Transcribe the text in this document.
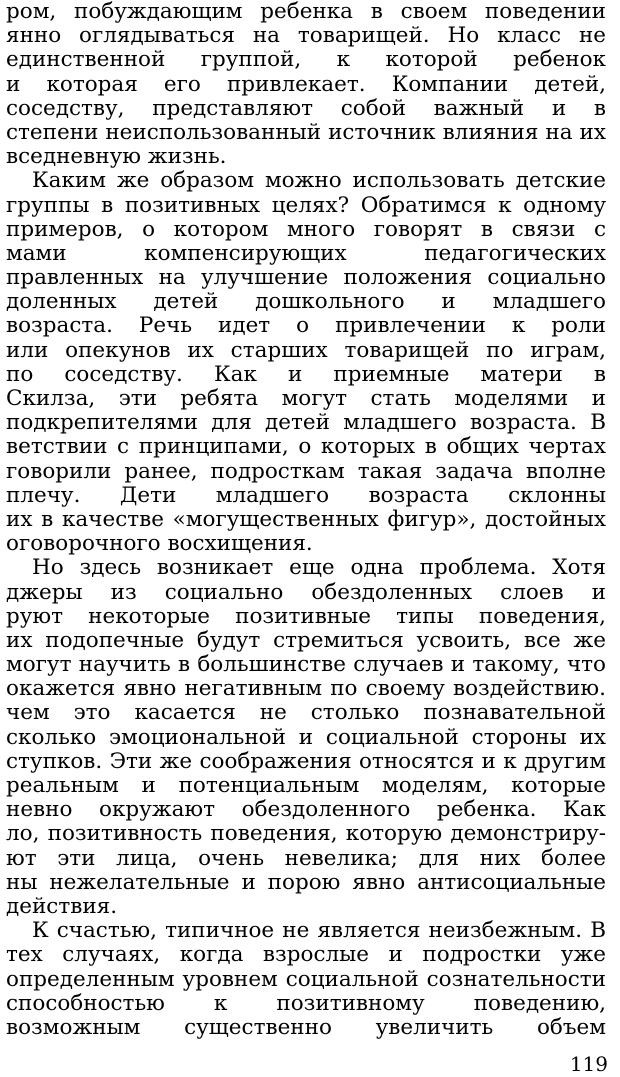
ром, побуждающим ребенка в своем поведении
янно оглядываться на товарищей. Но класс не
единственной группой, к которой ребенок
и которая его привлекает. Компании детей,
соседству, представляют собой важный и в
степени неиспользованный источник влияния на их
вседневную жизнь.
Каким же образом можно использовать детские
группы в позитивных целях? Обратимся к одному
примеров, о котором много говорят в связи с
мами компенсирующих педагогических
правленных на улучшение положения социально
доленных детей дошкольного и младшего
возраста. Речь идет о привлечении к роли
или опекунов их старших товарищей по играм,
по соседству. Как и приемные матери в
Скилза, эти ребята могут стать моделями и
подкрепителями для детей младшего возраста. В
ветствии с принципами, о которых в общих чертах
говорили ранее, подросткам такая задача вполне
плечу. Дети младшего возраста склонны
их в качестве «могущественных фигур», достойных
оговорочного восхищения.
Но здесь возникает еще одна проблема. Хотя
джеры из социально обездоленных слоев и
руют некоторые позитивные типы поведения,
их подопечные будут стремиться усвоить, все же
могут научить в большинстве случаев и такому, что
окажется явно негативным по своему воздействию.
чем это касается не столько познавательной
сколько эмоциональной и социальной стороны их
ступков. Эти же соображения относятся и к другим
реальным и потенциальным моделям, которые
невно окружают обездоленного ребенка. Как
ло, позитивность поведения, которую демонстриру-
ют эти лица, очень невелика; для них более
ны нежелательные и порою явно антисоциальные
действия.
К счастью, типичное не является неизбежным. В
тех случаях, когда взрослые и подростки уже
определенным уровнем социальной сознательности
способностью к позитивному поведению,
возможным существенно увеличить объем
119
